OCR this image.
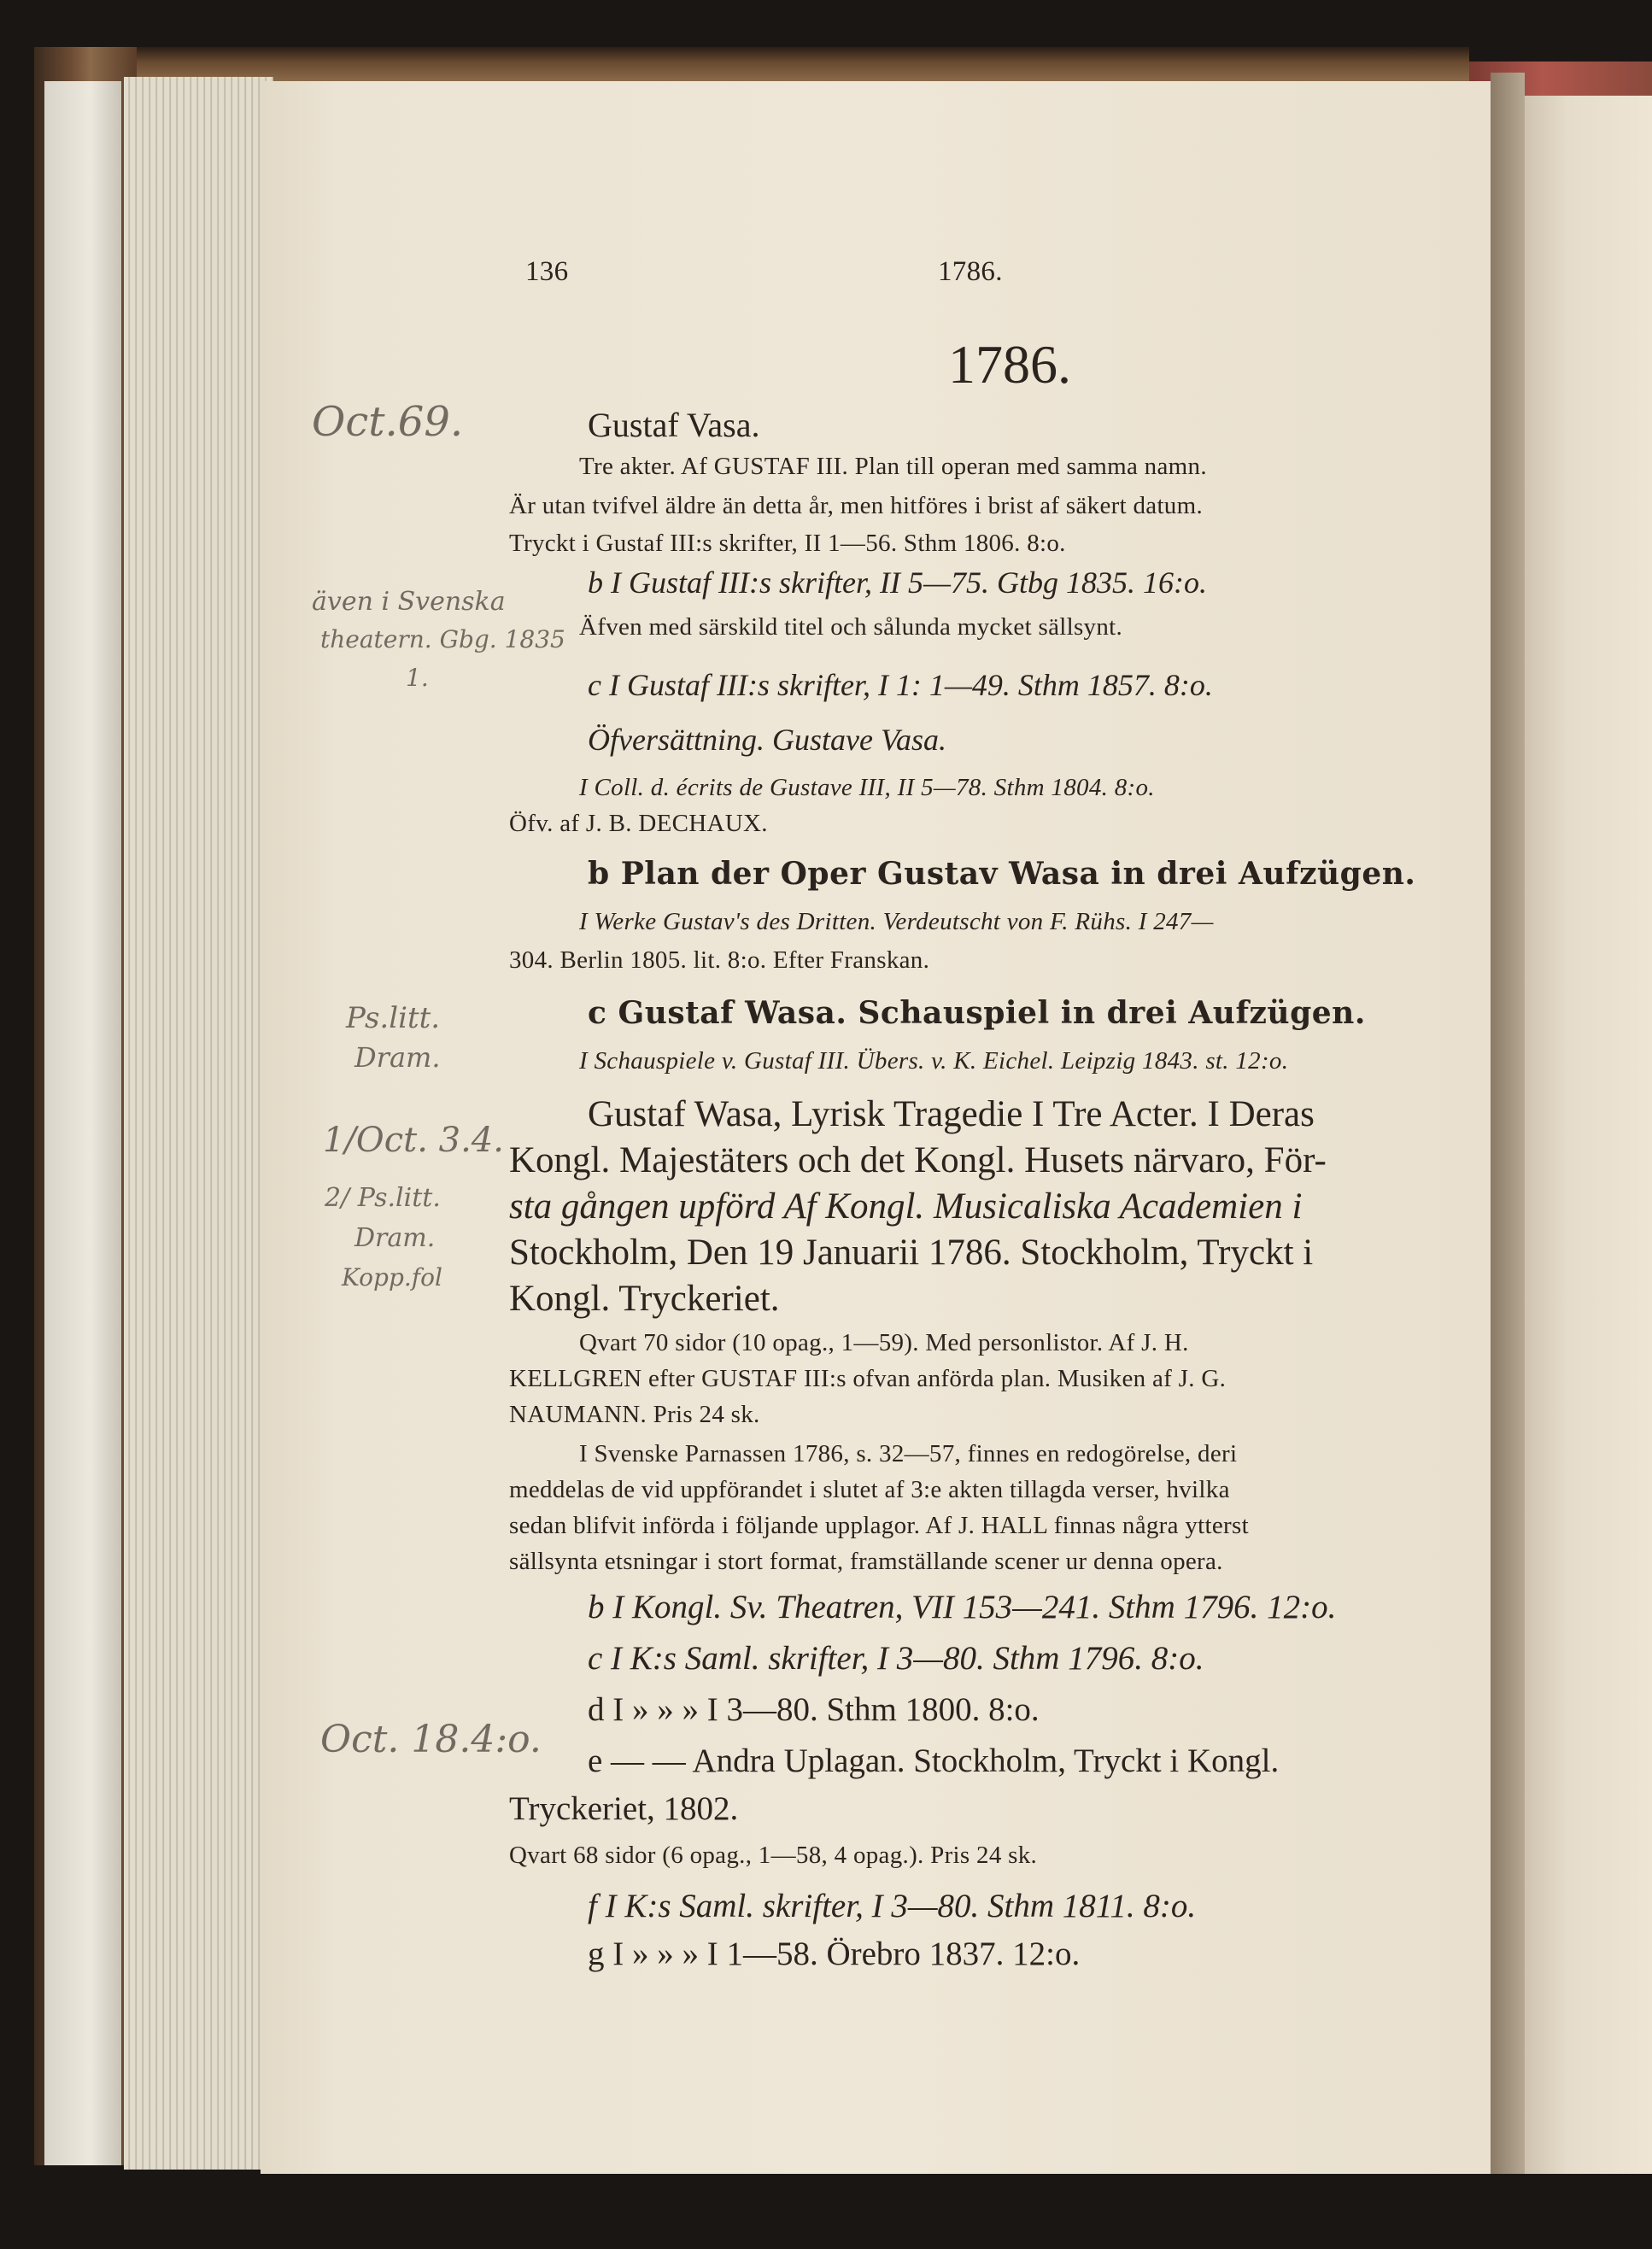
136	1786.
1786.
Gustaf Vasa.
Tre akter. Af GUSTAF III. Plan till operan med samma namn.
Är utan tvifvel äldre än detta år, men hitföres i brist af säkert datum.
Tryckt i Gustaf III:s skrifter, II 1—56. Sthm 1806. 8:o.
b I Gustaf III:s skrifter, II 5—75. Gtbg 1835. 16:o.
Äfven med särskild titel och sålunda mycket sällsynt.
c I Gustaf III:s skrifter, I 1: 1—49. Sthm 1857. 8:o.
Öfversättning. Gustave Vasa.
I Coll. d. écrits de Gustave III, II 5—78. Sthm 1804. 8:o.
Öfv. af J. B. DECHAUX.
b Plan der Oper Gustav Wasa in drei Aufzügen.
I Werke Gustav's des Dritten. Verdeutscht von F. Rühs. I 247—
304. Berlin 1805. lit. 8:o. Efter Franskan.
c Gustaf Wasa. Schauspiel in drei Aufzügen.
I Schauspiele v. Gustaf III. Übers. v. K. Eichel. Leipzig 1843. st. 12:o.
Gustaf Wasa, Lyrisk Tragedie I Tre Acter. I Deras
Kongl. Majestäters och det Kongl. Husets närvaro, För-
sta gången upförd Af Kongl. Musicaliska Academien i
Stockholm, Den 19 Januarii 1786. Stockholm, Tryckt i
Kongl. Tryckeriet.
Qvart 70 sidor (10 opag., 1—59). Med personlistor. Af J. H.
KELLGREN efter GUSTAF III:s ofvan anförda plan. Musiken af J. G.
NAUMANN. Pris 24 sk.
I Svenske Parnassen 1786, s. 32—57, finnes en redogörelse, deri
meddelas de vid uppförandet i slutet af 3:e akten tillagda verser, hvilka
sedan blifvit införda i följande upplagor. Af J. HALL finnas några ytterst
sällsynta etsningar i stort format, framställande scener ur denna opera.
b I Kongl. Sv. Theatren, VII 153—241. Sthm 1796. 12:o.
c I K:s Saml. skrifter, I 3—80. Sthm 1796. 8:o.
d I » » » I 3—80. Sthm 1800. 8:o.
e — — Andra Uplagan. Stockholm, Tryckt i Kongl.
Tryckeriet, 1802.
Qvart 68 sidor (6 opag., 1—58, 4 opag.). Pris 24 sk.
f I K:s Saml. skrifter, I 3—80. Sthm 1811. 8:o.
g I » » » I 1—58. Örebro 1837. 12:o.
Oct.69.
även i Svenska
theatern. Gbg. 1835
1.
Ps.litt.
Dram.
1/Oct. 3.4.
2/ Ps.litt.
Dram.
Kopp.fol
Oct. 18.4:o.
